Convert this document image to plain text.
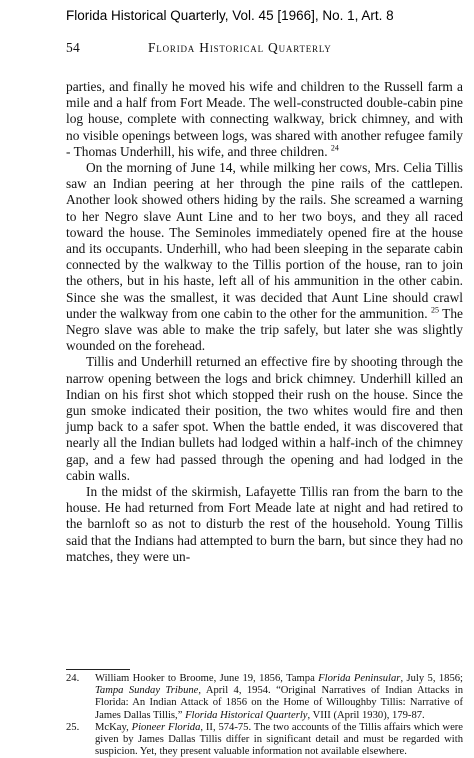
Florida Historical Quarterly, Vol. 45 [1966], No. 1, Art. 8
54	Florida Historical Quarterly

parties, and finally he moved his wife and children to the Russell farm a mile and a half from Fort Meade. The well-constructed double-cabin pine log house, complete with connecting walkway, brick chimney, and with no visible openings between logs, was shared with another refugee family - Thomas Underhill, his wife, and three children. $^{24}$

On the morning of June 14, while milking her cows, Mrs. Celia Tillis saw an Indian peering at her through the pine rails of the cattlepen. Another look showed others hiding by the rails. She screamed a warning to her Negro slave Aunt Line and to her two boys, and they all raced toward the house. The Seminoles immediately opened fire at the house and its occupants. Underhill, who had been sleeping in the separate cabin connected by the walkway to the Tillis portion of the house, ran to join the others, but in his haste, left all of his ammunition in the other cabin. Since she was the smallest, it was decided that Aunt Line should crawl under the walkway from one cabin to the other for the ammunition. $^{25}$ The Negro slave was able to make the trip safely, but later she was slightly wounded on the forehead.

Tillis and Underhill returned an effective fire by shooting through the narrow opening between the logs and brick chimney. Underhill killed an Indian on his first shot which stopped their rush on the house. Since the gun smoke indicated their position, the two whites would fire and then jump back to a safer spot. When the battle ended, it was discovered that nearly all the Indian bullets had lodged within a half-inch of the chimney gap, and a few had passed through the opening and had lodged in the cabin walls.

In the midst of the skirmish, Lafayette Tillis ran from the barn to the house. He had returned from Fort Meade late at night and had retired to the barnloft so as not to disturb the rest of the household. Young Tillis said that the Indians had attempted to burn the barn, but since they had no matches, they were un-

24. William Hooker to Broome, June 19, 1856, Tampa Florida Peninsular, July 5, 1856; Tampa Sunday Tribune, April 4, 1954. “Original Narratives of Indian Attacks in Florida: An Indian Attack of 1856 on the Home of Willoughby Tillis: Narrative of James Dallas Tillis,” Florida Historical Quarterly, VIII (April 1930), 179-87.

25. McKay, Pioneer Florida, II, 574-75. The two accounts of the Tillis affairs which were given by James Dallas Tillis differ in significant detail and must be regarded with suspicion. Yet, they present valuable information not available elsewhere.
